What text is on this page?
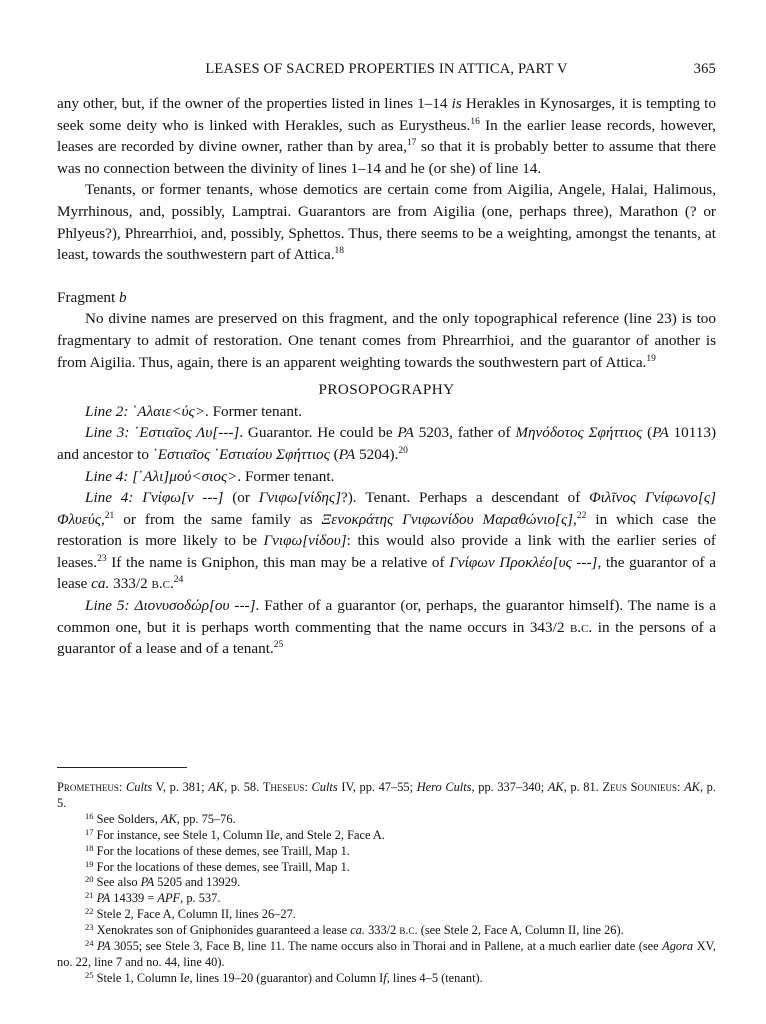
LEASES OF SACRED PROPERTIES IN ATTICA, PART V	365

any other, but, if the owner of the properties listed in lines 1–14 is Herakles in Kynosarges, it is tempting to seek some deity who is linked with Herakles, such as Eurystheus.$^{16}$ In the earlier lease records, however, leases are recorded by divine owner, rather than by area,$^{17}$ so that it is probably better to assume that there was no connection between the divinity of lines 1–14 and he (or she) of line 14.

Tenants, or former tenants, whose demotics are certain come from Aigilia, Angele, Halai, Halimous, Myrrhinous, and, possibly, Lamptrai. Guarantors are from Aigilia (one, perhaps three), Marathon (? or Phlyeus?), Phrearrhioi, and, possibly, Sphettos. Thus, there seems to be a weighting, amongst the tenants, at least, towards the southwestern part of Attica.$^{18}$

Fragment b

No divine names are preserved on this fragment, and the only topographical reference (line 23) is too fragmentary to admit of restoration. One tenant comes from Phrearrhioi, and the guarantor of another is from Aigilia. Thus, again, there is an apparent weighting towards the southwestern part of Attica.$^{19}$

PROSOPOGRAPHY

Line 2: ῾Αλαιε<ύς>. Former tenant.

Line 3: ῾Εστιαῖος Λυ[---]. Guarantor. He could be PA 5203, father of Μηνόδοτος Σφήττιος (PA 10113) and ancestor to ῾Εστιαῖος ῾Εστιαίου Σφήττιος (PA 5204).$^{20}$

Line 4: [῾Αλι]μού<σιος>. Former tenant.

Line 4: Γνίφω[ν ---] (or Γνιφω[νίδης]?). Tenant. Perhaps a descendant of Φιλῖνος Γνίφωνο[ς] Φλυεύς,$^{21}$ or from the same family as Ξενοκράτης Γνιφωνίδου Μαραθώνιο[ς],$^{22}$ in which case the restoration is more likely to be Γνιφω[νίδου]: this would also provide a link with the earlier series of leases.$^{23}$ If the name is Gniphon, this man may be a relative of Γνίφων Προκλέο[υς ---], the guarantor of a lease ca. 333/2 b.c.$^{24}$

Line 5: Διονυσοδώρ[ου ---]. Father of a guarantor (or, perhaps, the guarantor himself). The name is a common one, but it is perhaps worth commenting that the name occurs in 343/2 b.c. in the persons of a guarantor of a lease and of a tenant.$^{25}$

Prometheus: Cults V, p. 381; AK, p. 58. Theseus: Cults IV, pp. 47–55; Hero Cults, pp. 337–340; AK, p. 81. Zeus Sounieus: AK, p. 5.

$^{16}$ See Solders, AK, pp. 75–76.

$^{17}$ For instance, see Stele 1, Column IIe, and Stele 2, Face A.

$^{18}$ For the locations of these demes, see Traill, Map 1.

$^{19}$ For the locations of these demes, see Traill, Map 1.

$^{20}$ See also PA 5205 and 13929.

$^{21}$ PA 14339 = APF, p. 537.

$^{22}$ Stele 2, Face A, Column II, lines 26–27.

$^{23}$ Xenokrates son of Gniphonides guaranteed a lease ca. 333/2 b.c. (see Stele 2, Face A, Column II, line 26).

$^{24}$ PA 3055; see Stele 3, Face B, line 11. The name occurs also in Thorai and in Pallene, at a much earlier date (see Agora XV, no. 22, line 7 and no. 44, line 40).

$^{25}$ Stele 1, Column Ie, lines 19–20 (guarantor) and Column If, lines 4–5 (tenant).
